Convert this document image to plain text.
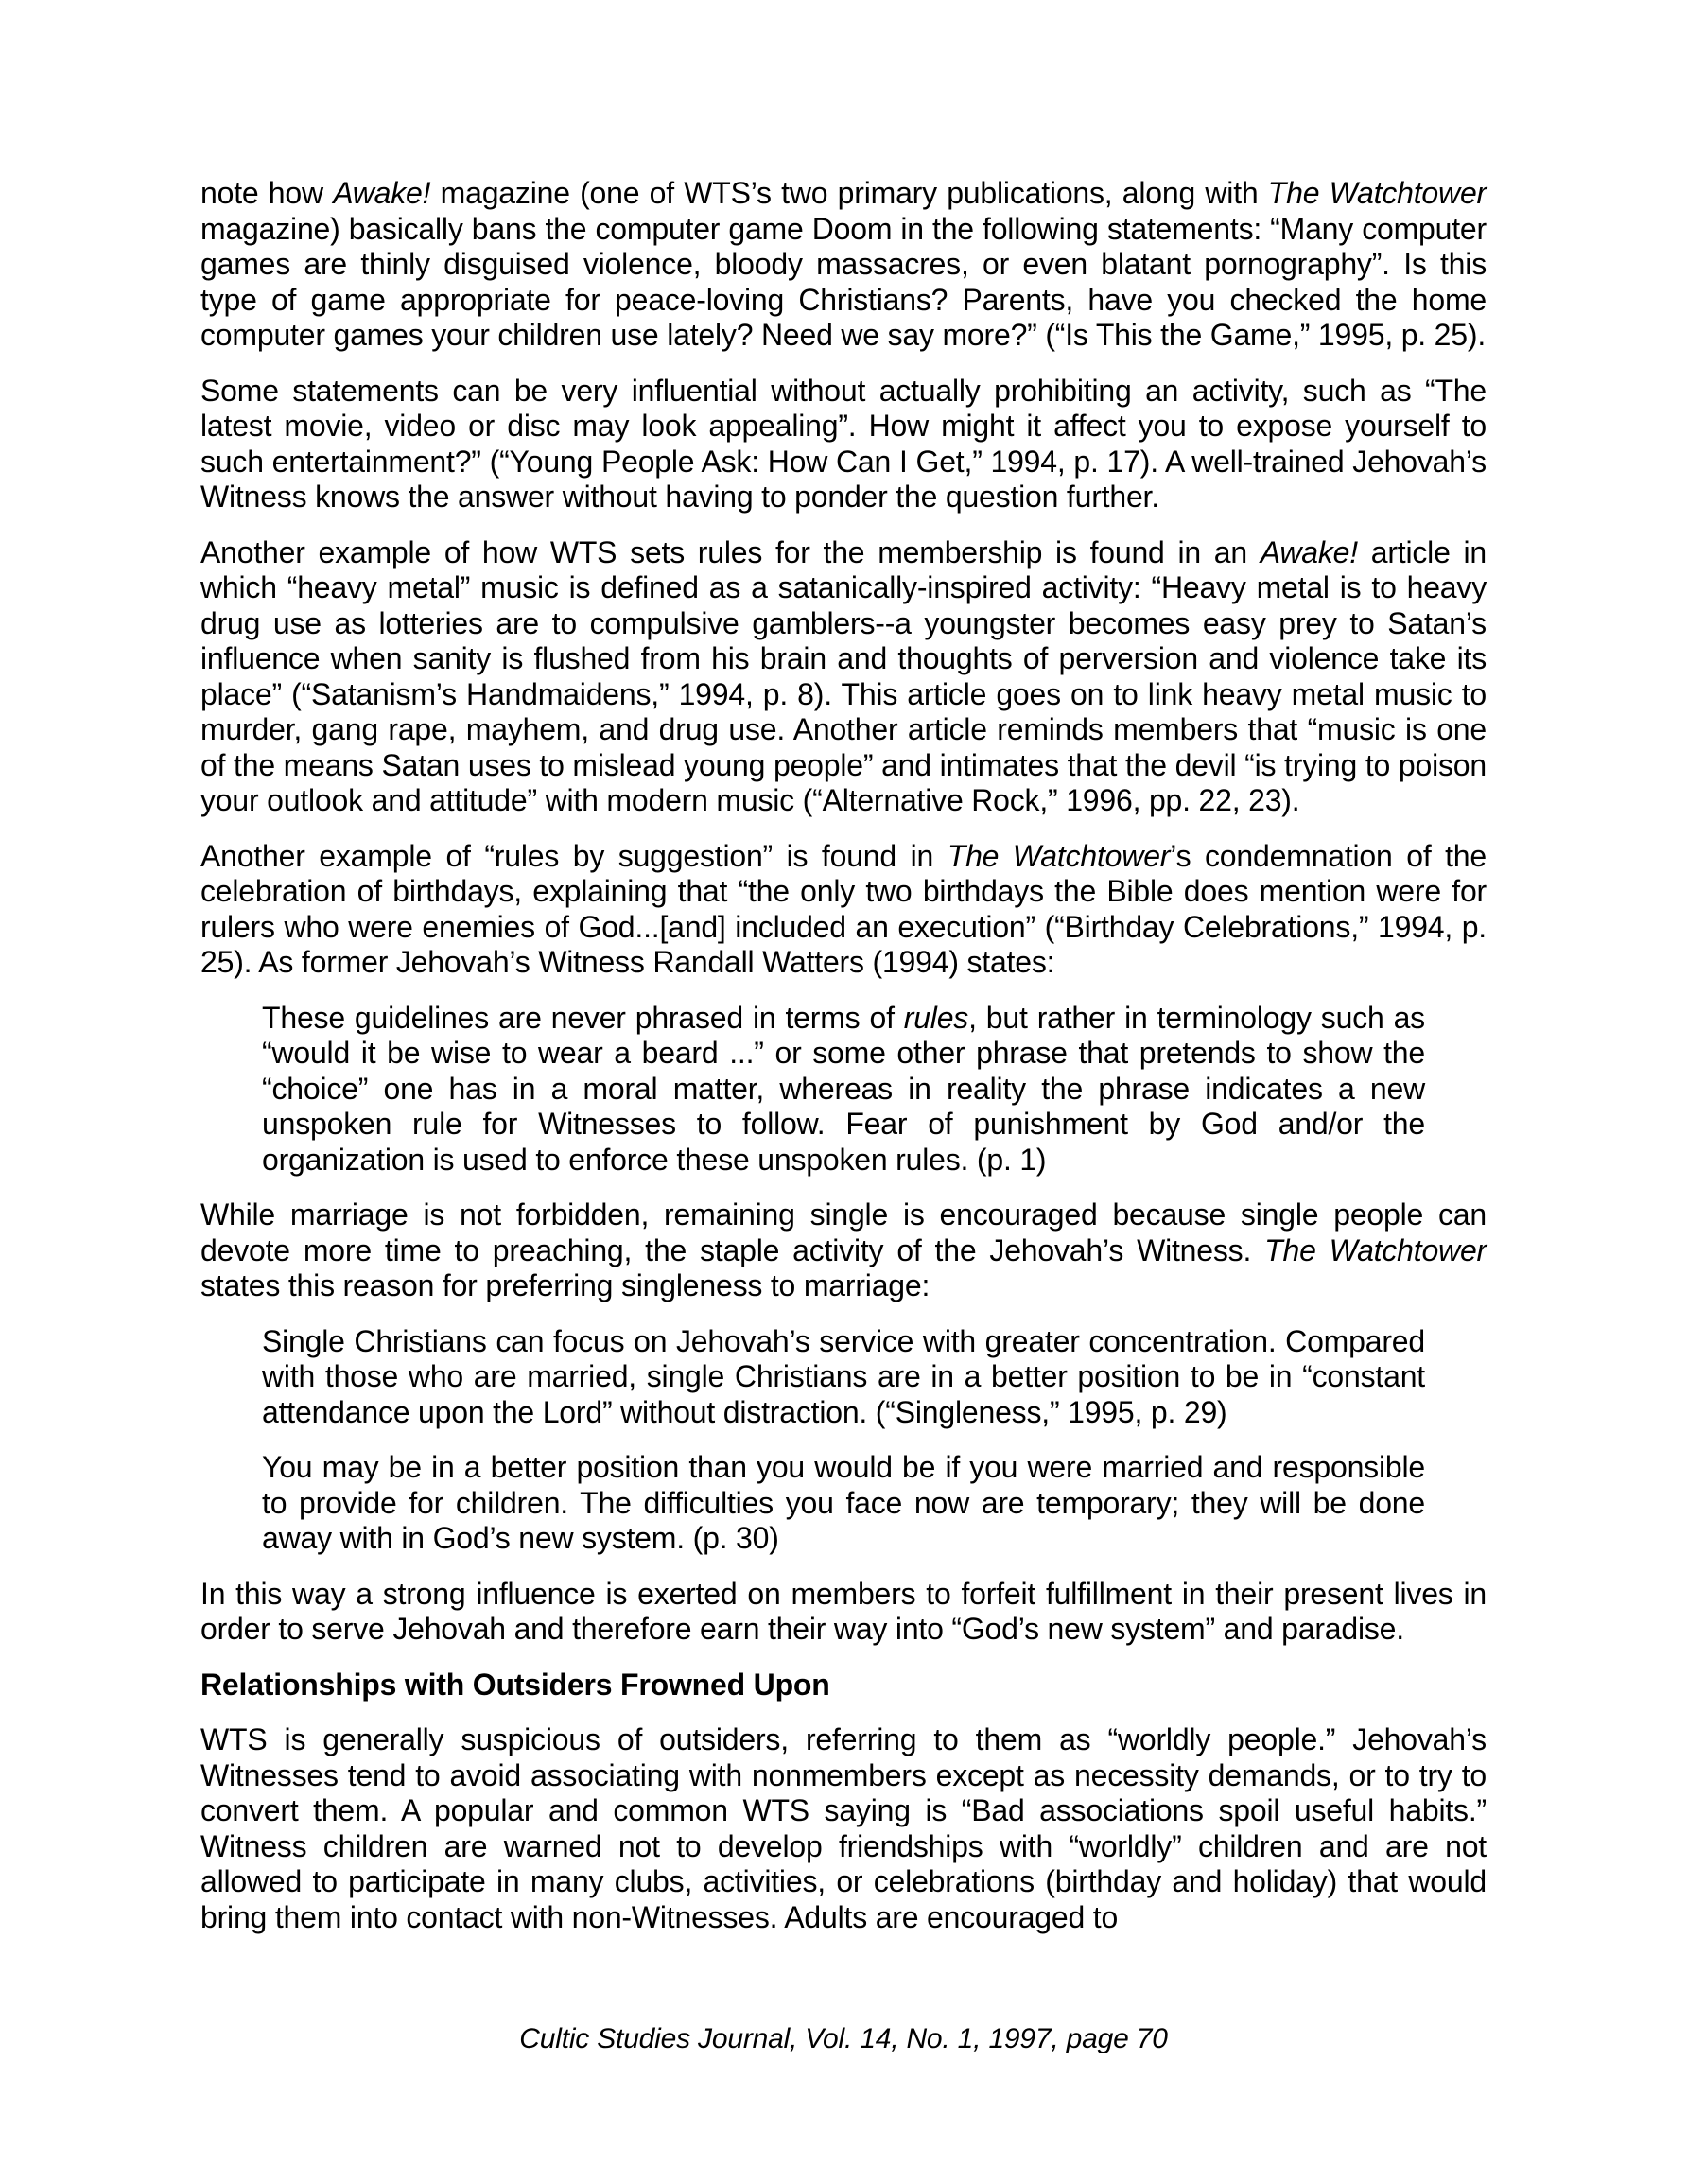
note how Awake! magazine (one of WTS’s two primary publications, along with The Watchtower magazine) basically bans the computer game Doom in the following statements: “Many computer games are thinly disguised violence, bloody massacres, or even blatant pornography”. Is this type of game appropriate for peace-loving Christians? Parents, have you checked the home computer games your children use lately? Need we say more?” (“Is This the Game,” 1995, p. 25).

Some statements can be very influential without actually prohibiting an activity, such as “The latest movie, video or disc may look appealing”. How might it affect you to expose yourself to such entertainment?” (“Young People Ask: How Can I Get,” 1994, p. 17). A well-trained Jehovah’s Witness knows the answer without having to ponder the question further.

Another example of how WTS sets rules for the membership is found in an Awake! article in which “heavy metal” music is defined as a satanically-inspired activity: “Heavy metal is to heavy drug use as lotteries are to compulsive gamblers--a youngster becomes easy prey to Satan’s influence when sanity is flushed from his brain and thoughts of perversion and violence take its place” (“Satanism’s Handmaidens,” 1994, p. 8). This article goes on to link heavy metal music to murder, gang rape, mayhem, and drug use. Another article reminds members that “music is one of the means Satan uses to mislead young people” and intimates that the devil “is trying to poison your outlook and attitude” with modern music (“Alternative Rock,” 1996, pp. 22, 23).

Another example of “rules by suggestion” is found in The Watchtower’s condemnation of the celebration of birthdays, explaining that “the only two birthdays the Bible does mention were for rulers who were enemies of God...[and] included an execution” (“Birthday Celebrations,” 1994, p. 25). As former Jehovah’s Witness Randall Watters (1994) states:

These guidelines are never phrased in terms of rules, but rather in terminology such as “would it be wise to wear a beard ...” or some other phrase that pretends to show the “choice” one has in a moral matter, whereas in reality the phrase indicates a new unspoken rule for Witnesses to follow. Fear of punishment by God and/or the organization is used to enforce these unspoken rules. (p. 1)

While marriage is not forbidden, remaining single is encouraged because single people can devote more time to preaching, the staple activity of the Jehovah’s Witness. The Watchtower states this reason for preferring singleness to marriage:

Single Christians can focus on Jehovah’s service with greater concentration. Compared with those who are married, single Christians are in a better position to be in “constant attendance upon the Lord” without distraction. (“Singleness,” 1995, p. 29)

You may be in a better position than you would be if you were married and responsible to provide for children. The difficulties you face now are temporary; they will be done away with in God’s new system. (p. 30)

In this way a strong influence is exerted on members to forfeit fulfillment in their present lives in order to serve Jehovah and therefore earn their way into “God’s new system” and paradise.

Relationships with Outsiders Frowned Upon

WTS is generally suspicious of outsiders, referring to them as “worldly people.” Jehovah’s Witnesses tend to avoid associating with nonmembers except as necessity demands, or to try to convert them. A popular and common WTS saying is “Bad associations spoil useful habits.” Witness children are warned not to develop friendships with “worldly” children and are not allowed to participate in many clubs, activities, or celebrations (birthday and holiday) that would bring them into contact with non-Witnesses. Adults are encouraged to

Cultic Studies Journal, Vol. 14, No. 1, 1997, page 70
